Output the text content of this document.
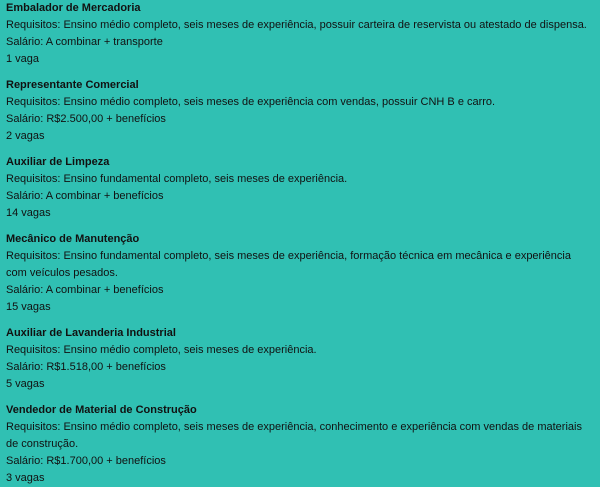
Embalador de Mercadoria
Requisitos: Ensino médio completo, seis meses de experiência, possuir carteira de reservista ou atestado de dispensa.
Salário: A combinar + transporte
1 vaga
Representante Comercial
Requisitos: Ensino médio completo, seis meses de experiência com vendas, possuir CNH B e carro.
Salário: R$2.500,00 + benefícios
2 vagas
Auxiliar de Limpeza
Requisitos: Ensino fundamental completo, seis meses de experiência.
Salário: A combinar + benefícios
14 vagas
Mecânico de Manutenção
Requisitos: Ensino fundamental completo, seis meses de experiência, formação técnica em mecânica e experiência com veículos pesados.
Salário: A combinar + benefícios
15 vagas
Auxiliar de Lavanderia Industrial
Requisitos: Ensino médio completo, seis meses de experiência.
Salário: R$1.518,00 + benefícios
5 vagas
Vendedor de Material de Construção
Requisitos: Ensino médio completo, seis meses de experiência, conhecimento e experiência com vendas de materiais de construção.
Salário: R$1.700,00 + benefícios
3 vagas
